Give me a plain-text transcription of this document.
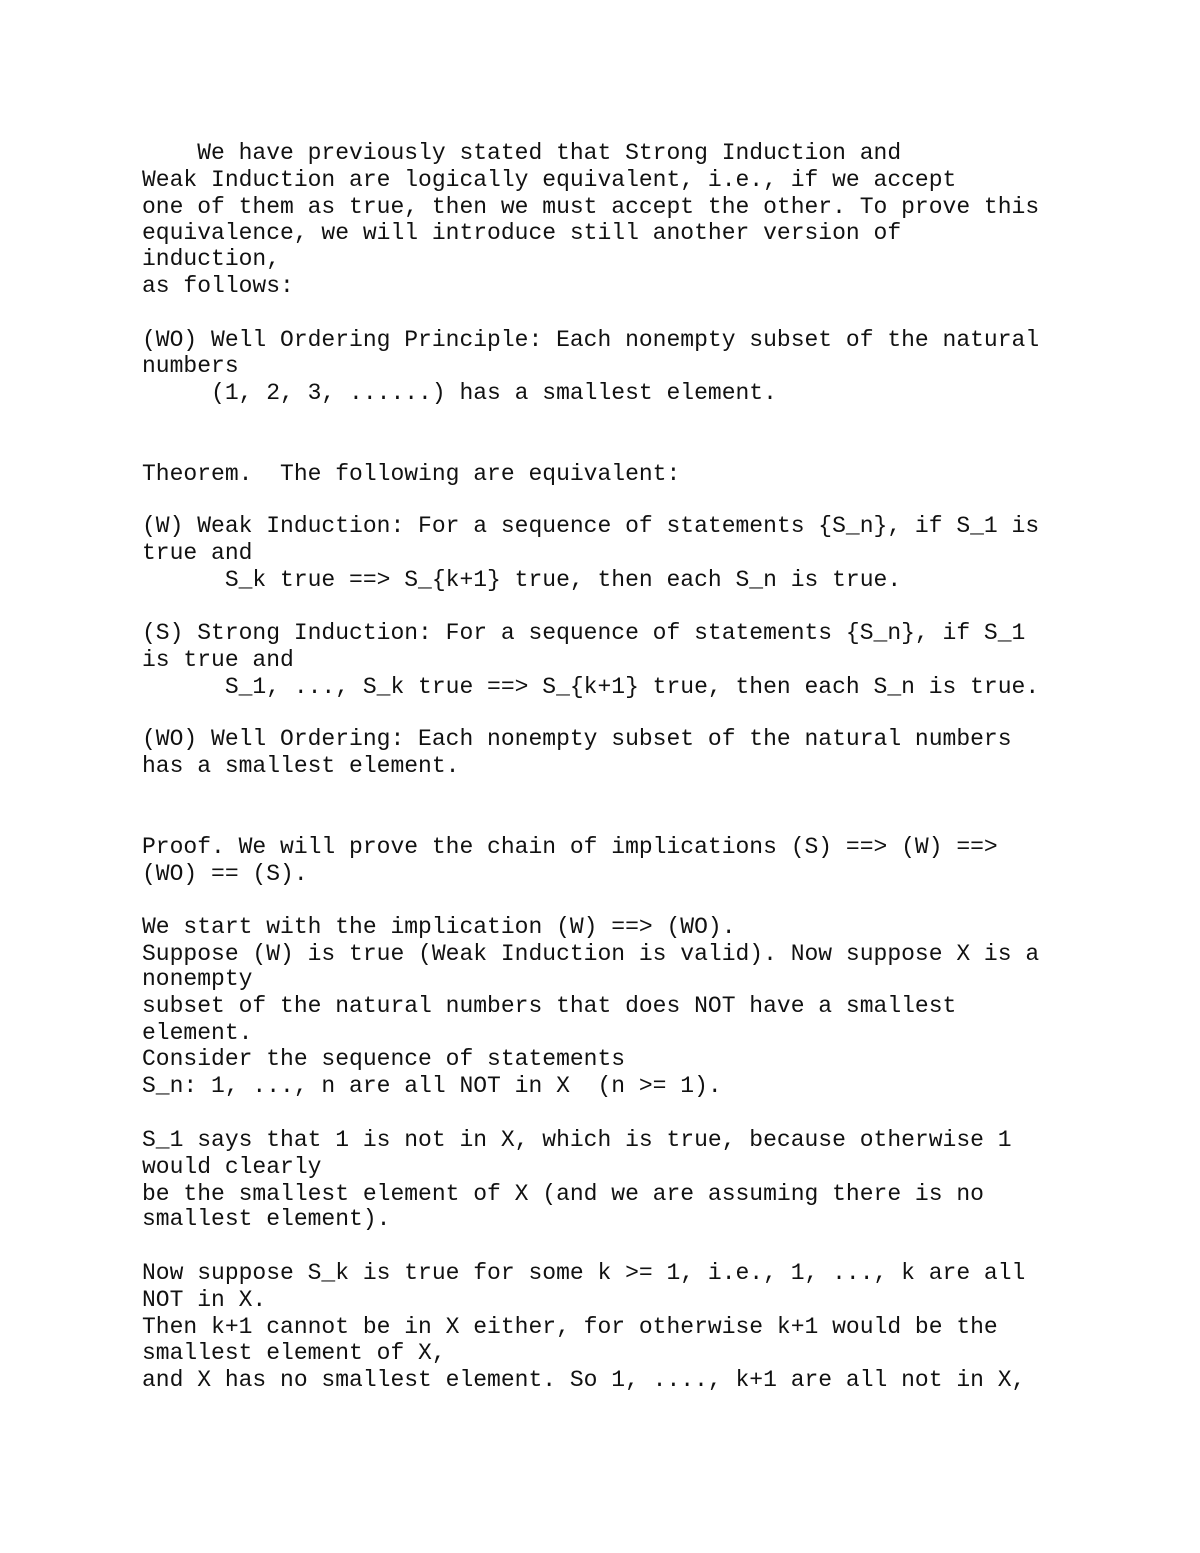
We have previously stated that Strong Induction and

Weak Induction are logically equivalent, i.e., if we accept

one of them as true, then we must accept the other. To prove this

equivalence, we will introduce still another version of

induction,

as follows:

(WO) Well Ordering Principle: Each nonempty subset of the natural

numbers

(1, 2, 3, ......) has a smallest element.

Theorem.  The following are equivalent:

(W) Weak Induction: For a sequence of statements {S_n}, if S_1 is

true and

S_k true ==> S_{k+1} true, then each S_n is true.

(S) Strong Induction: For a sequence of statements {S_n}, if S_1

is true and

S_1, ..., S_k true ==> S_{k+1} true, then each S_n is true.

(WO) Well Ordering: Each nonempty subset of the natural numbers

has a smallest element.

Proof. We will prove the chain of implications (S) ==> (W) ==>

(WO) == (S).

We start with the implication (W) ==> (WO).

Suppose (W) is true (Weak Induction is valid). Now suppose X is a

nonempty

subset of the natural numbers that does NOT have a smallest

element.

Consider the sequence of statements

S_n: 1, ..., n are all NOT in X  (n >= 1).

S_1 says that 1 is not in X, which is true, because otherwise 1

would clearly

be the smallest element of X (and we are assuming there is no

smallest element).

Now suppose S_k is true for some k >= 1, i.e., 1, ..., k are all

NOT in X.

Then k+1 cannot be in X either, for otherwise k+1 would be the

smallest element of X,

and X has no smallest element. So 1, ...., k+1 are all not in X,
